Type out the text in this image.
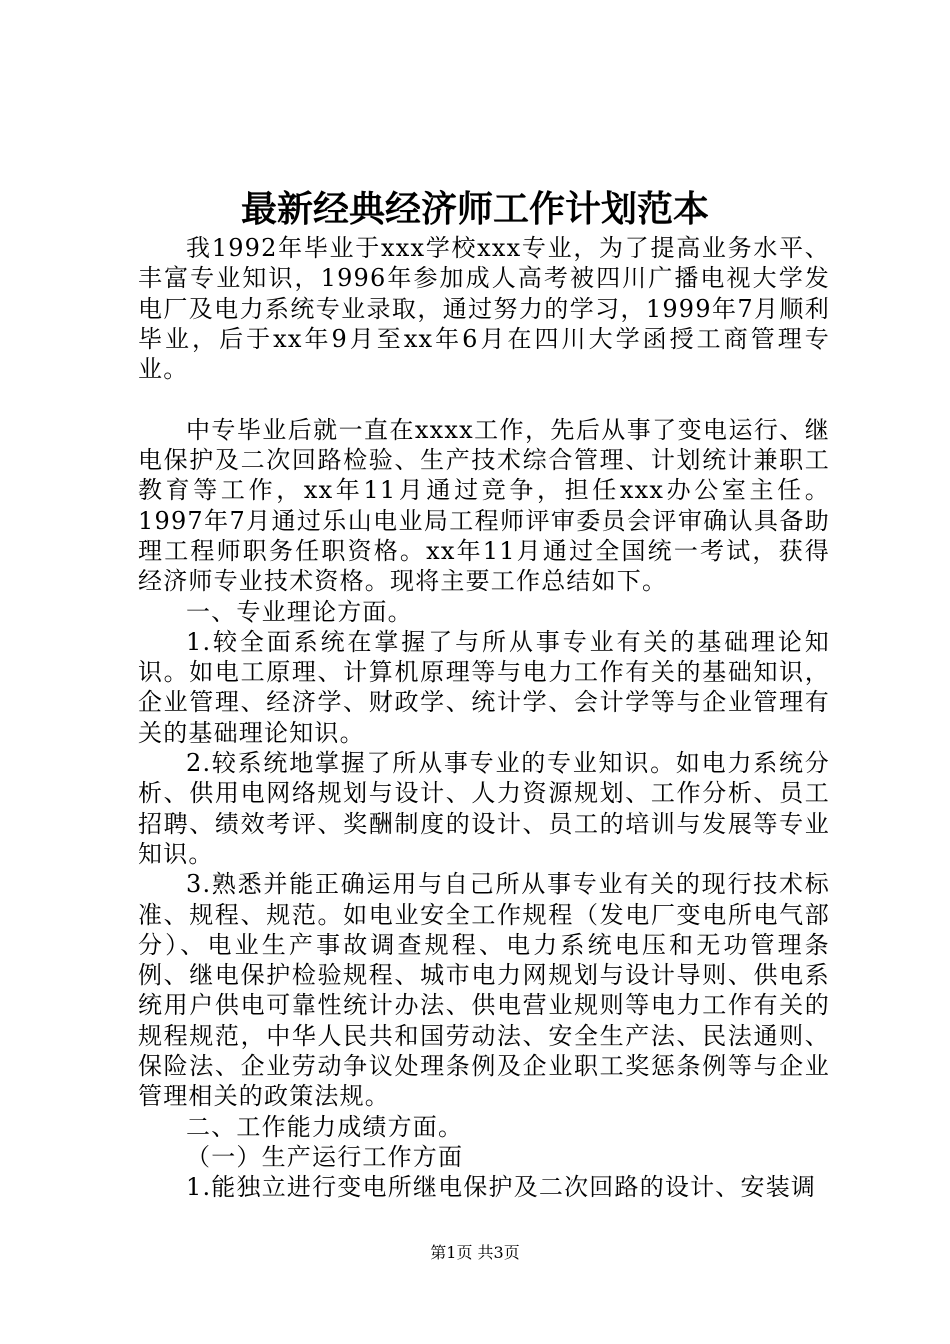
最新经典经济师工作计划范本

我1992年毕业于xxx学校xxx专业，为了提高业务水平、丰富专业知识，1996年参加成人高考被四川广播电视大学发电厂及电力系统专业录取，通过努力的学习，1999年7月顺利毕业，后于xx年9月至xx年6月在四川大学函授工商管理专业。

中专毕业后就一直在xxxx工作，先后从事了变电运行、继电保护及二次回路检验、生产技术综合管理、计划统计兼职工教育等工作，xx年11月通过竞争，担任xxx办公室主任。1997年7月通过乐山电业局工程师评审委员会评审确认具备助理工程师职务任职资格。xx年11月通过全国统一考试，获得经济师专业技术资格。现将主要工作总结如下。

一、专业理论方面。

1.较全面系统在掌握了与所从事专业有关的基础理论知识。如电工原理、计算机原理等与电力工作有关的基础知识，企业管理、经济学、财政学、统计学、会计学等与企业管理有关的基础理论知识。

2.较系统地掌握了所从事专业的专业知识。如电力系统分析、供用电网络规划与设计、人力资源规划、工作分析、员工招聘、绩效考评、奖酬制度的设计、员工的培训与发展等专业知识。

3.熟悉并能正确运用与自己所从事专业有关的现行技术标准、规程、规范。如电业安全工作规程（发电厂变电所电气部分）、电业生产事故调查规程、电力系统电压和无功管理条例、继电保护检验规程、城市电力网规划与设计导则、供电系统用户供电可靠性统计办法、供电营业规则等电力工作有关的规程规范，中华人民共和国劳动法、安全生产法、民法通则、保险法、企业劳动争议处理条例及企业职工奖惩条例等与企业管理相关的政策法规。

二、工作能力成绩方面。

（一）生产运行工作方面

1.能独立进行变电所继电保护及二次回路的设计、安装调

第1页 共3页
